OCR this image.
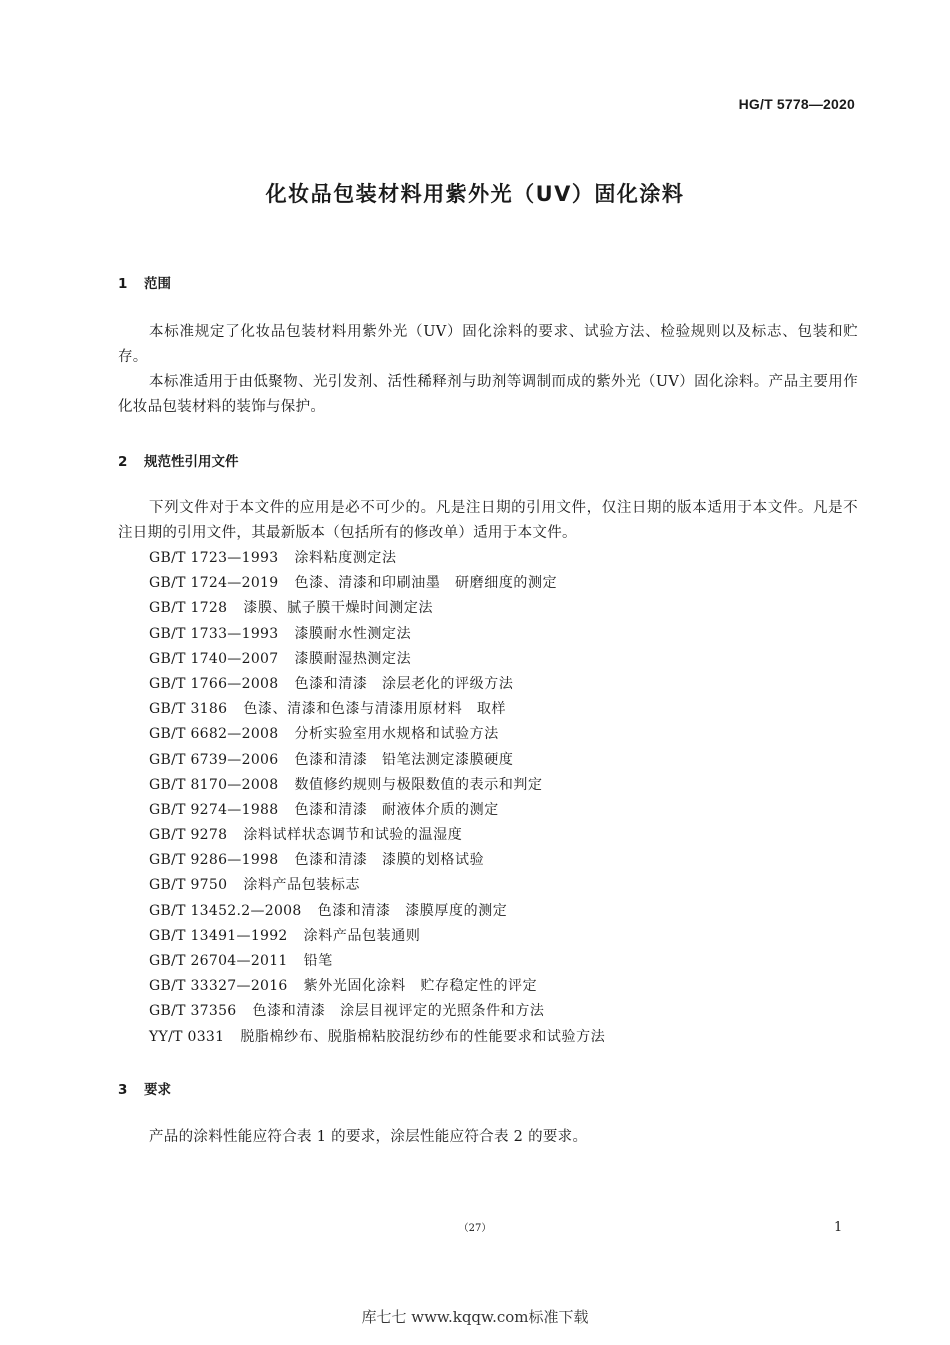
HG/T 5778—2020
化妆品包装材料用紫外光（UV）固化涂料
1 范围

本标准规定了化妆品包装材料用紫外光（UV）固化涂料的要求、试验方法、检验规则以及标志、包装和贮存。

本标准适用于由低聚物、光引发剂、活性稀释剂与助剂等调制而成的紫外光（UV）固化涂料。产品主要用作化妆品包装材料的装饰与保护。

2 规范性引用文件

下列文件对于本文件的应用是必不可少的。凡是注日期的引用文件，仅注日期的版本适用于本文件。凡是不注日期的引用文件，其最新版本（包括所有的修改单）适用于本文件。

GB/T 1723—1993 涂料粘度测定法
GB/T 1724—2019 色漆、清漆和印刷油墨　研磨细度的测定
GB/T 1728 漆膜、腻子膜干燥时间测定法
GB/T 1733—1993 漆膜耐水性测定法
GB/T 1740—2007 漆膜耐湿热测定法
GB/T 1766—2008 色漆和清漆　涂层老化的评级方法
GB/T 3186 色漆、清漆和色漆与清漆用原材料　取样
GB/T 6682—2008 分析实验室用水规格和试验方法
GB/T 6739—2006 色漆和清漆　铅笔法测定漆膜硬度
GB/T 8170—2008 数值修约规则与极限数值的表示和判定
GB/T 9274—1988 色漆和清漆　耐液体介质的测定
GB/T 9278 涂料试样状态调节和试验的温湿度
GB/T 9286—1998 色漆和清漆　漆膜的划格试验
GB/T 9750 涂料产品包装标志
GB/T 13452.2—2008 色漆和清漆　漆膜厚度的测定
GB/T 13491—1992 涂料产品包装通则
GB/T 26704—2011 铅笔
GB/T 33327—2016 紫外光固化涂料　贮存稳定性的评定
GB/T 37356 色漆和清漆　涂层目视评定的光照条件和方法
YY/T 0331 脱脂棉纱布、脱脂棉粘胶混纺纱布的性能要求和试验方法
3 要求

产品的涂料性能应符合表 1 的要求，涂层性能应符合表 2 的要求。

（27）	1
库七七 www.kqqw.com标准下载
